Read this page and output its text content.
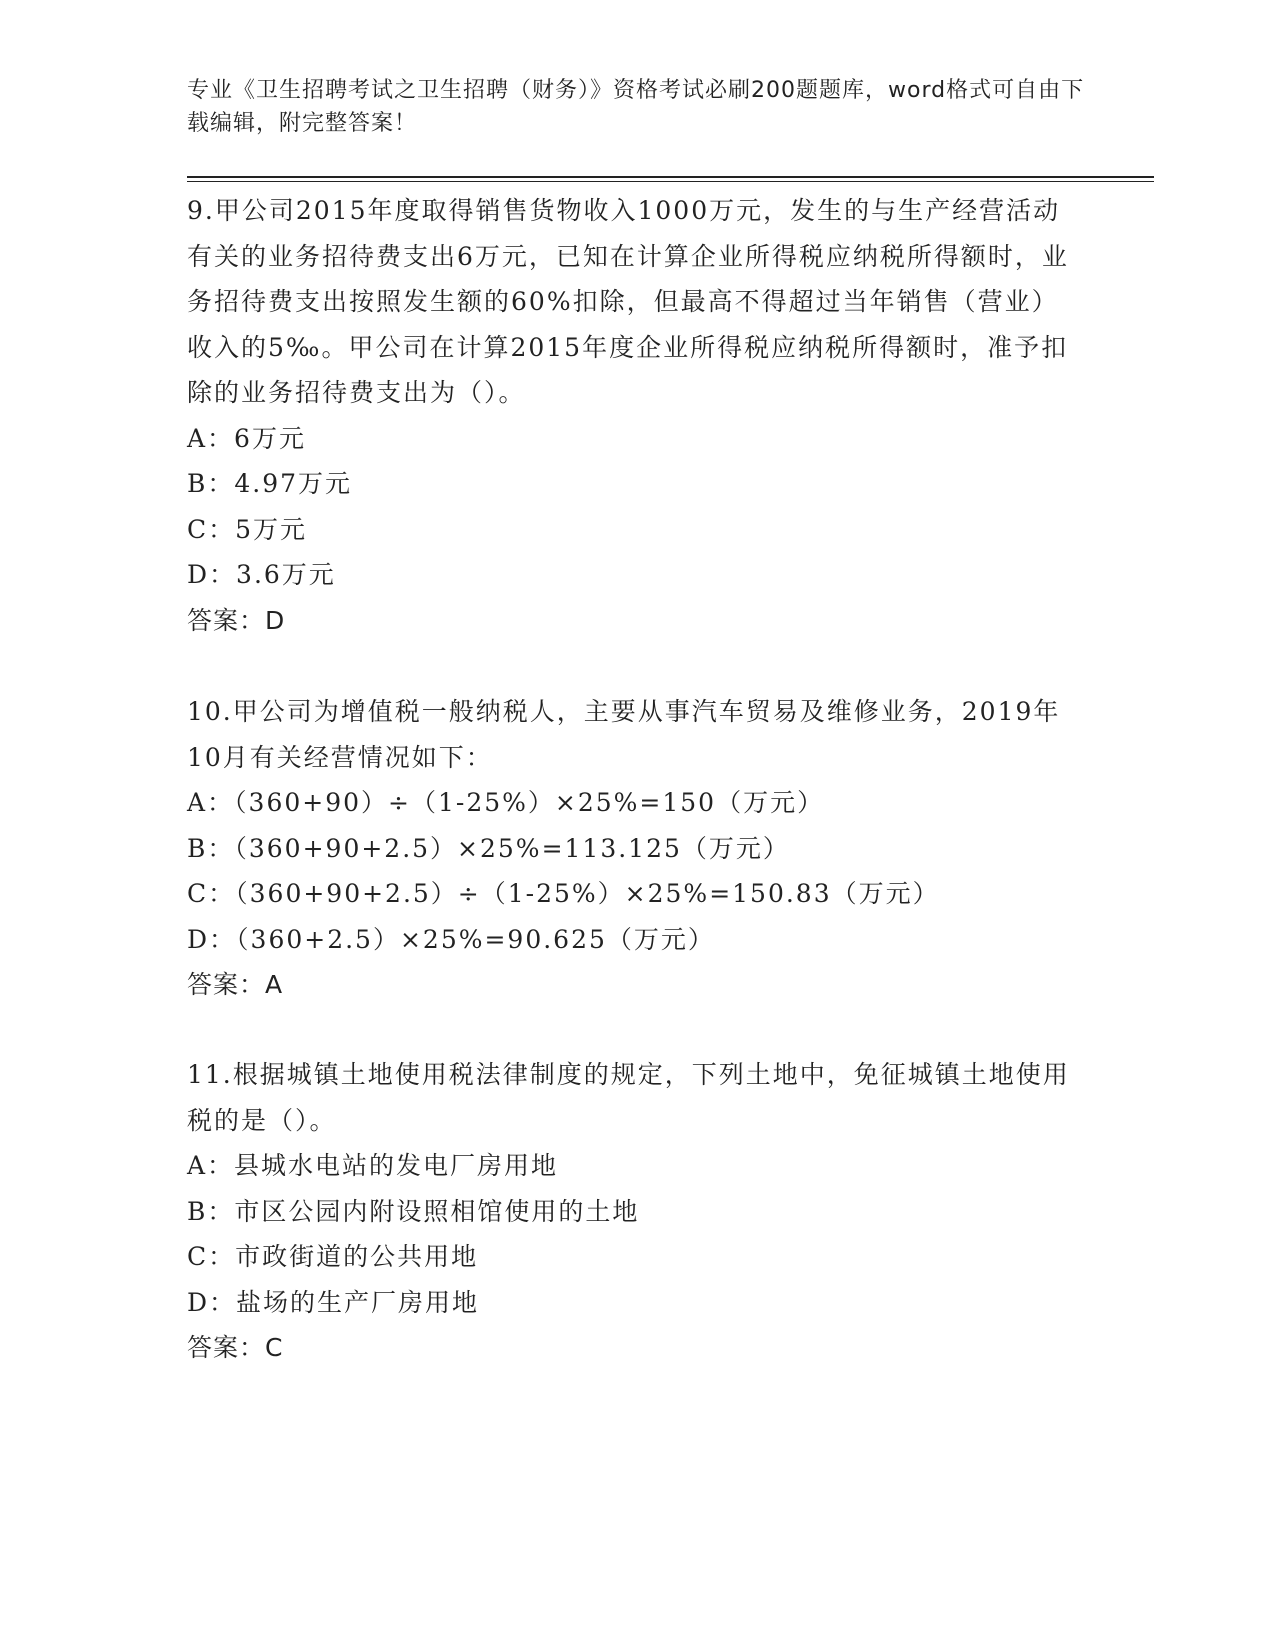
专业《卫生招聘考试之卫生招聘（财务）》资格考试必刷200题题库，word格式可自由下载编辑，附完整答案！

9.甲公司2015年度取得销售货物收入1000万元，发生的与生产经营活动有关的业务招待费支出6万元，已知在计算企业所得税应纳税所得额时，业务招待费支出按照发生额的60%扣除，但最高不得超过当年销售（营业）收入的5‰。甲公司在计算2015年度企业所得税应纳税所得额时，准予扣除的业务招待费支出为（）。

A：6万元

B：4.97万元

C：5万元

D：3.6万元

答案：D

10.甲公司为增值税一般纳税人，主要从事汽车贸易及维修业务，2019年10月有关经营情况如下：

A：（360+90）÷（1-25%）×25%=150（万元）

B：（360+90+2.5）×25%=113.125（万元）

C：（360+90+2.5）÷（1-25%）×25%=150.83（万元）

D：（360+2.5）×25%=90.625（万元）

答案：A

11.根据城镇土地使用税法律制度的规定，下列土地中，免征城镇土地使用税的是（）。

A：县城水电站的发电厂房用地

B：市区公园内附设照相馆使用的土地

C：市政街道的公共用地

D：盐场的生产厂房用地

答案：C
